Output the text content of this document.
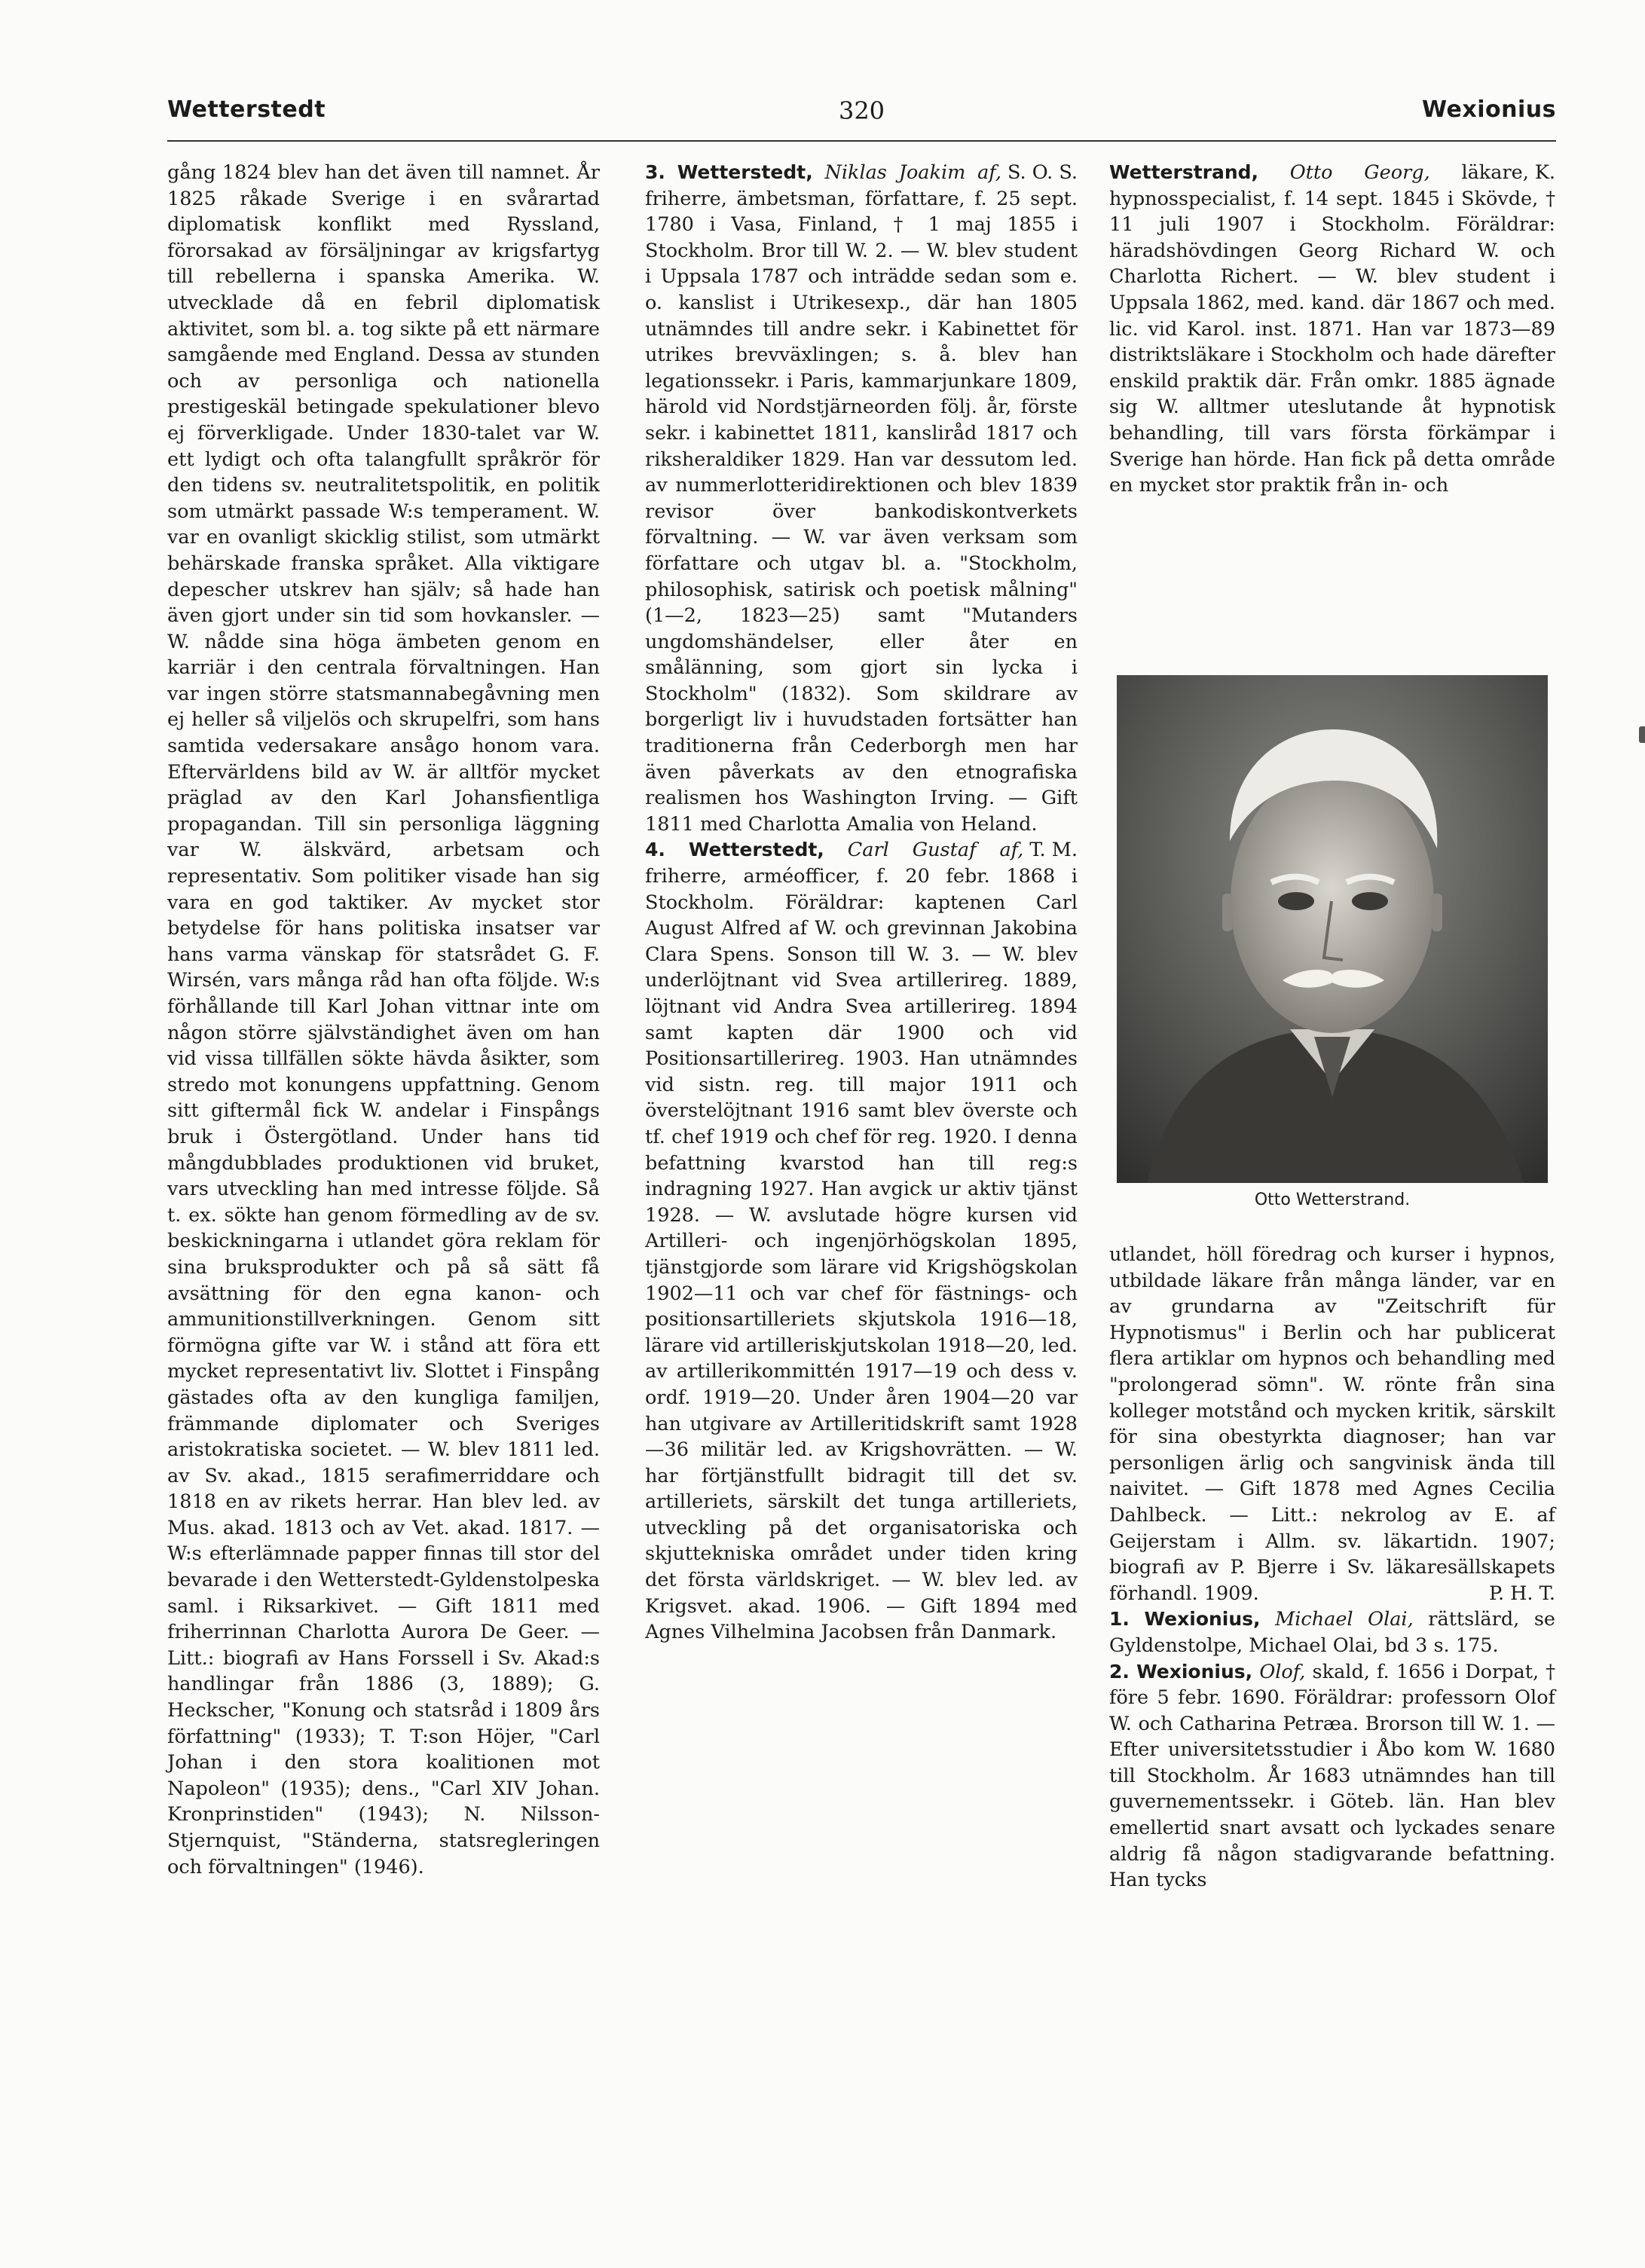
Wetterstedt	320	Wexionius

gång 1824 blev han det även till namnet. År 1825 råkade Sverige i en svårartad diplomatisk konflikt med Ryssland, förorsakad av försäljningar av krigsfartyg till rebellerna i spanska Amerika. W. utvecklade då en febril diplomatisk aktivitet, som bl. a. tog sikte på ett närmare samgående med England. Dessa av stunden och av personliga och nationella prestigeskäl betingade spekulationer blevo ej förverkligade. Under 1830-talet var W. ett lydigt och ofta talangfullt språkrör för den tidens sv. neutralitetspolitik, en politik som utmärkt passade W:s temperament. W. var en ovanligt skicklig stilist, som utmärkt behärskade franska språket. Alla viktigare depescher utskrev han själv; så hade han även gjort under sin tid som hovkansler. — W. nådde sina höga ämbeten genom en karriär i den centrala förvaltningen. Han var ingen större statsmannabegåvning men ej heller så viljelös och skrupelfri, som hans samtida vedersakare ansågo honom vara. Eftervärldens bild av W. är alltför mycket präglad av den Karl Johansfientliga propagandan. Till sin personliga läggning var W. älskvärd, arbetsam och representativ. Som politiker visade han sig vara en god taktiker. Av mycket stor betydelse för hans politiska insatser var hans varma vänskap för statsrådet G. F. Wirsén, vars många råd han ofta följde. W:s förhållande till Karl Johan vittnar inte om någon större självständighet även om han vid vissa tillfällen sökte hävda åsikter, som stredo mot konungens uppfattning. Genom sitt giftermål fick W. andelar i Finspångs bruk i Östergötland. Under hans tid mångdubblades produktionen vid bruket, vars utveckling han med intresse följde. Så t. ex. sökte han genom förmedling av de sv. beskickningarna i utlandet göra reklam för sina bruksprodukter och på så sätt få avsättning för den egna kanon- och ammunitionstillverkningen. Genom sitt förmögna gifte var W. i stånd att föra ett mycket representativt liv. Slottet i Finspång gästades ofta av den kungliga familjen, främmande diplomater och Sveriges aristokratiska societet. — W. blev 1811 led. av Sv. akad., 1815 serafimerriddare och 1818 en av rikets herrar. Han blev led. av Mus. akad. 1813 och av Vet. akad. 1817. — W:s efterlämnade papper finnas till stor del bevarade i den Wetterstedt-Gyldenstolpeska saml. i Riksarkivet. — Gift 1811 med friherrinnan Charlotta Aurora De Geer. — Litt.: biografi av Hans Forssell i Sv. Akad:s handlingar från 1886 (3, 1889); G. Heckscher, "Konung och statsråd i 1809 års författning" (1933); T. T:son Höjer, "Carl Johan i den stora koalitionen mot Napoleon" (1935); dens., "Carl XIV Johan. Kronprinstiden" (1943); N. Nilsson-Stjernquist, "Ständerna, statsregleringen och förvaltningen" (1946).

S. O. S.

3. Wetterstedt, Niklas Joakim af, friherre, ämbetsman, författare, f. 25 sept. 1780 i Vasa, Finland, † 1 maj 1855 i Stockholm. Bror till W. 2. — W. blev student i Uppsala 1787 och inträdde sedan som e. o. kanslist i Utrikesexp., där han 1805 utnämndes till andre sekr. i Kabinettet för utrikes brevväxlingen; s. å. blev han legationssekr. i Paris, kammarjunkare 1809, härold vid Nordstjärneorden följ. år, förste sekr. i kabinettet 1811, kansliråd 1817 och riksheraldiker 1829. Han var dessutom led. av nummerlotteridirektionen och blev 1839 revisor över bankodiskontverkets förvaltning. — W. var även verksam som författare och utgav bl. a. "Stockholm, philosophisk, satirisk och poetisk målning" (1—2, 1823—25) samt "Mutanders ungdomshändelser, eller åter en smålänning, som gjort sin lycka i Stockholm" (1832). Som skildrare av borgerligt liv i huvudstaden fortsätter han traditionerna från Cederborgh men har även påverkats av den etnografiska realismen hos Washington Irving. — Gift 1811 med Charlotta Amalia von Heland.
T. M.

4. Wetterstedt, Carl Gustaf af, friherre, arméofficer, f. 20 febr. 1868 i Stockholm. Föräldrar: kaptenen Carl August Alfred af W. och grevinnan Jakobina Clara Spens. Sonson till W. 3. — W. blev underlöjtnant vid Svea artillerireg. 1889, löjtnant vid Andra Svea artillerireg. 1894 samt kapten där 1900 och vid Positionsartillerireg. 1903. Han utnämndes vid sistn. reg. till major 1911 och överstelöjtnant 1916 samt blev överste och tf. chef 1919 och chef för reg. 1920. I denna befattning kvarstod han till reg:s indragning 1927. Han avgick ur aktiv tjänst 1928. — W. avslutade högre kursen vid Artilleri- och ingenjörhögskolan 1895, tjänstgjorde som lärare vid Krigshögskolan 1902—11 och var chef för fästnings- och positionsartilleriets skjutskola 1916—18, lärare vid artilleriskjutskolan 1918—20, led. av artillerikommittén 1917—19 och dess v. ordf. 1919—20. Under åren 1904—20 var han utgivare av Artilleritidskrift samt 1928—36 militär led. av Krigshovrätten. — W. har förtjänstfullt bidragit till det sv. artilleriets, särskilt det tunga artilleriets, utveckling på det organisatoriska och skjuttekniska området under tiden kring det första världskriget. — W. blev led. av Krigsvet. akad. 1906. — Gift 1894 med Agnes Vilhelmina Jacobsen från Danmark.

K.

Wetterstrand, Otto Georg, läkare, hypnosspecialist, f. 14 sept. 1845 i Skövde, † 11 juli 1907 i Stockholm. Föräldrar: häradshövdingen Georg Richard W. och Charlotta Richert. — W. blev student i Uppsala 1862, med. kand. där 1867 och med. lic. vid Karol. inst. 1871. Han var 1873—89 distriktsläkare i Stockholm och hade därefter enskild praktik där. Från omkr. 1885 ägnade sig W. alltmer uteslutande åt hypnotisk behandling, till vars första förkämpar i Sverige han hörde. Han fick på detta område en mycket stor praktik från in- och

Otto Wetterstrand.

utlandet, höll föredrag och kurser i hypnos, utbildade läkare från många länder, var en av grundarna av "Zeitschrift für Hypnotismus" i Berlin och har publicerat flera artiklar om hypnos och behandling med "prolongerad sömn". W. rönte från sina kolleger motstånd och mycken kritik, särskilt för sina obestyrkta diagnoser; han var personligen ärlig och sangvinisk ända till naivitet. — Gift 1878 med Agnes Cecilia Dahlbeck. — Litt.: nekrolog av E. af Geijerstam i Allm. sv. läkartidn. 1907; biografi av P. Bjerre i Sv. läkaresällskapets förhandl. 1909.	P. H. T.

1. Wexionius, Michael Olai, rättslärd, se Gyldenstolpe, Michael Olai, bd 3 s. 175.

2. Wexionius, Olof, skald, f. 1656 i Dorpat, † före 5 febr. 1690. Föräldrar: professorn Olof W. och Catharina Petræa. Brorson till W. 1. — Efter universitetsstudier i Åbo kom W. 1680 till Stockholm. År 1683 utnämndes han till guvernementssekr. i Göteb. län. Han blev emellertid snart avsatt och lyckades senare aldrig få någon stadigvarande befattning. Han tycks
